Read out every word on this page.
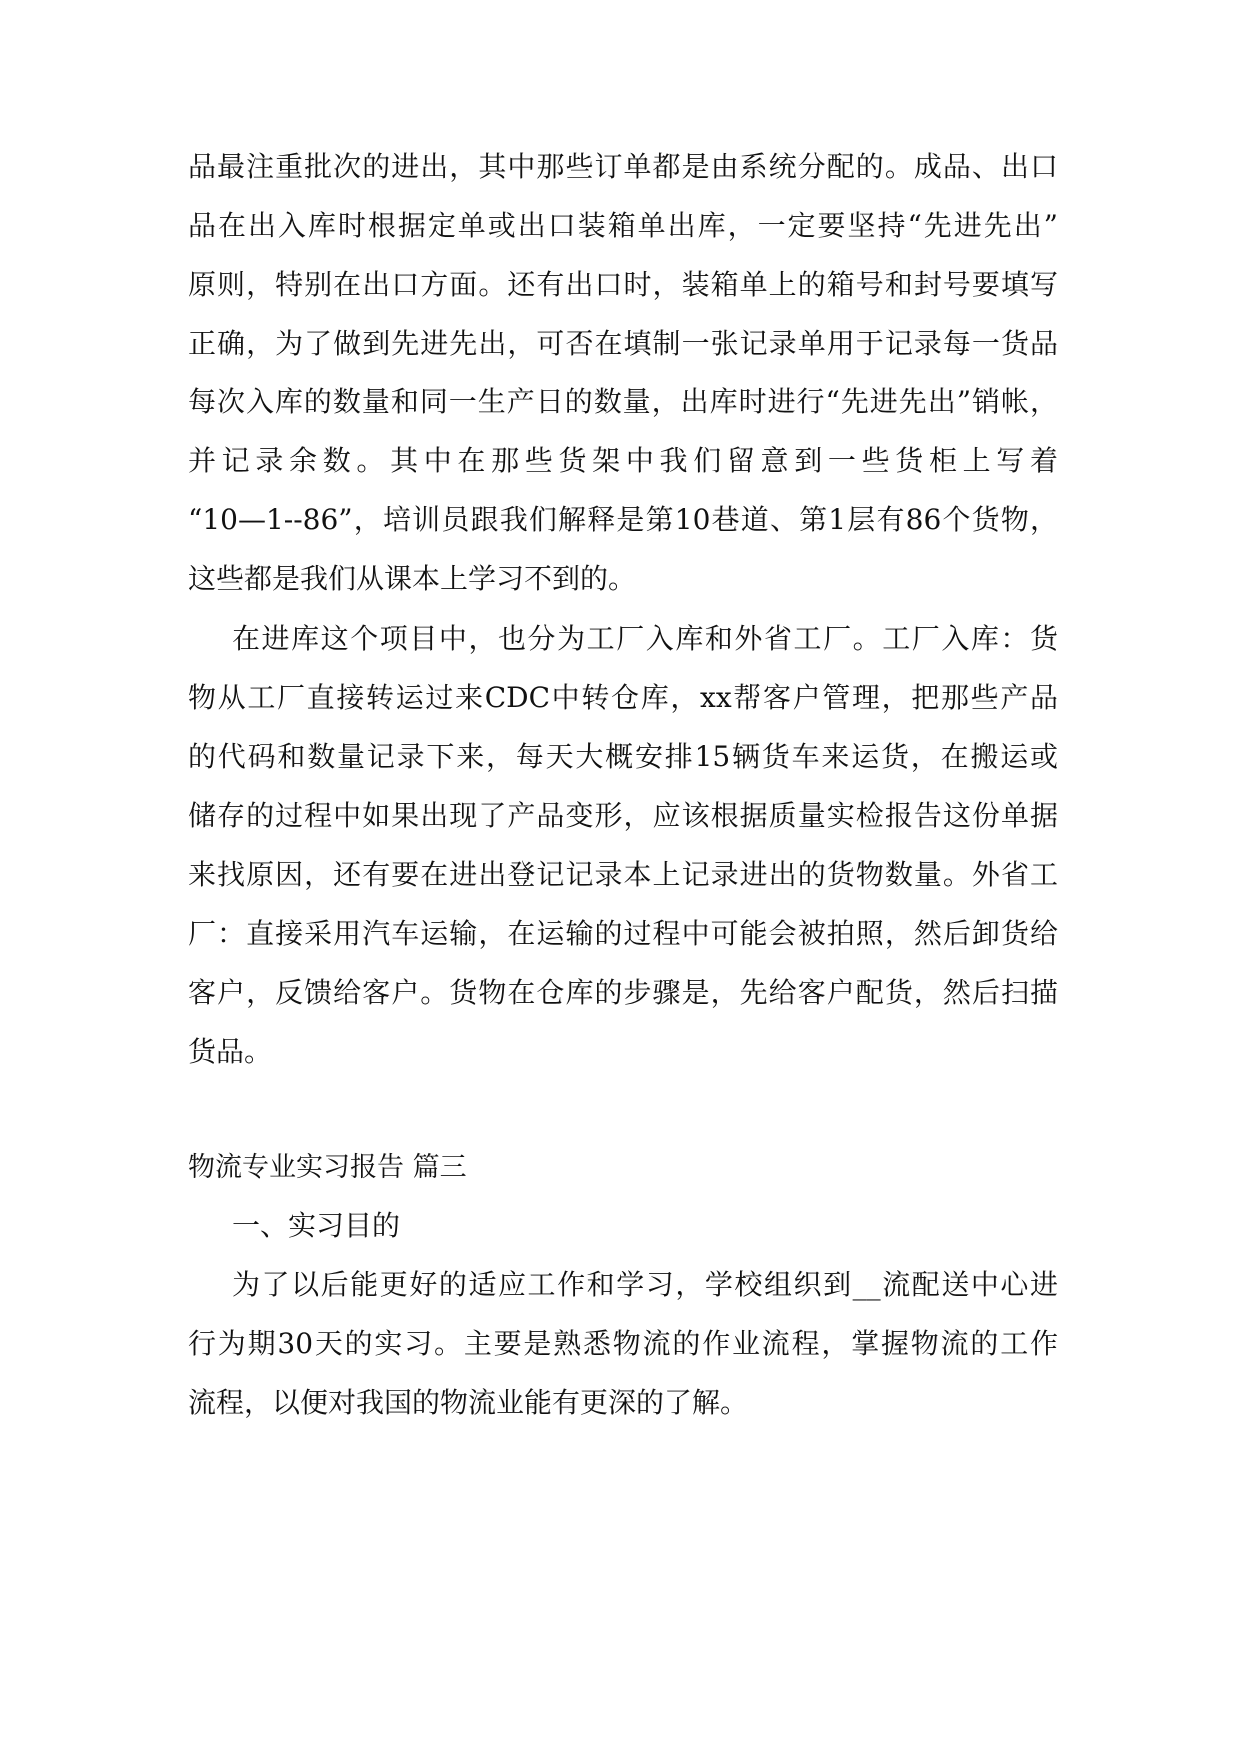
品最注重批次的进出，其中那些订单都是由系统分配的。成品、出口

品在出入库时根据定单或出口装箱单出库，一定要坚持“先进先出”

原则，特别在出口方面。还有出口时，装箱单上的箱号和封号要填写

正确，为了做到先进先出，可否在填制一张记录单用于记录每一货品

每次入库的数量和同一生产日的数量，出库时进行“先进先出”销帐，

并记录余数。其中在那些货架中我们留意到一些货柜上写着

“10—1--86”，培训员跟我们解释是第10巷道、第1层有86个货物，

这些都是我们从课本上学习不到的。

在进库这个项目中，也分为工厂入库和外省工厂。工厂入库：货

物从工厂直接转运过来CDC中转仓库，xx帮客户管理，把那些产品

的代码和数量记录下来，每天大概安排15辆货车来运货，在搬运或

储存的过程中如果出现了产品变形，应该根据质量实检报告这份单据

来找原因，还有要在进出登记记录本上记录进出的货物数量。外省工

厂：直接采用汽车运输，在运输的过程中可能会被拍照，然后卸货给

客户，反馈给客户。货物在仓库的步骤是，先给客户配货，然后扫描

货品。

物流专业实习报告 篇三

一、实习目的

为了以后能更好的适应工作和学习，学校组织到__流配送中心进

行为期30天的实习。主要是熟悉物流的作业流程，掌握物流的工作

流程，以便对我国的物流业能有更深的了解。
